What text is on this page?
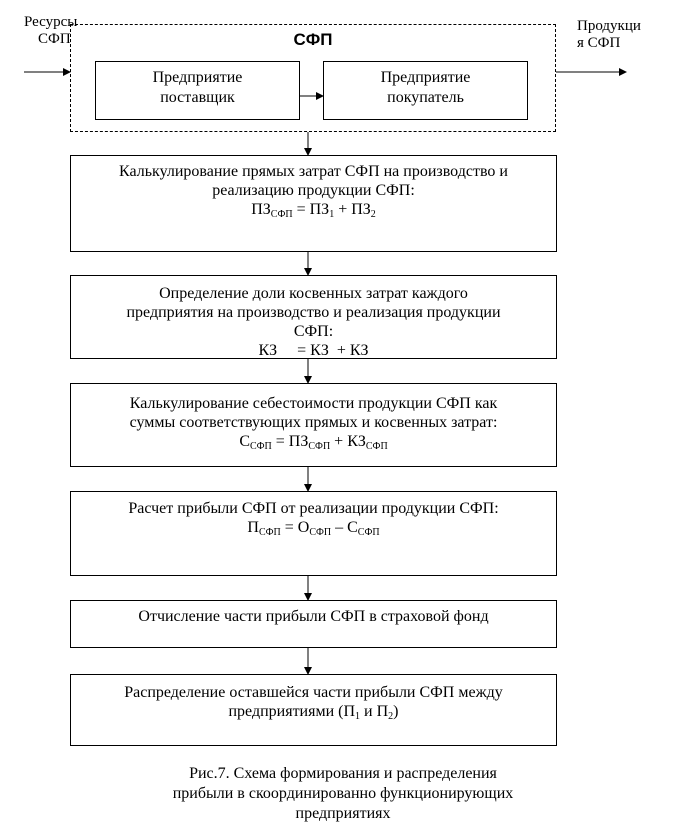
Ресурсы
СФП
Продукци
я СФП
СФП
Предприятие
поставщик
Предприятие
покупатель
Калькулирование прямых затрат СФП на производство и
реализацию продукции СФП:
$ПЗ_{СФП} = ПЗ_1 + ПЗ_2$
Определение доли косвенных затрат каждого
предприятия на производство и реализация продукции
СФП:
КЗ     = КЗ  + КЗ
Калькулирование себестоимости продукции СФП как
суммы соответствующих прямых и косвенных затрат:
$С_{СФП} = ПЗ_{СФП} + КЗ_{СФП}$
Расчет прибыли СФП от реализации продукции СФП:
$П_{СФП} = О_{СФП} - С_{СФП}$
Отчисление части прибыли СФП в страховой фонд
Распределение оставшейся части прибыли СФП между
предприятиями ($П_1$ и $П_2$)
Рис.7. Схема формирования и распределения
прибыли в скоординированно функционирующих
предприятиях
